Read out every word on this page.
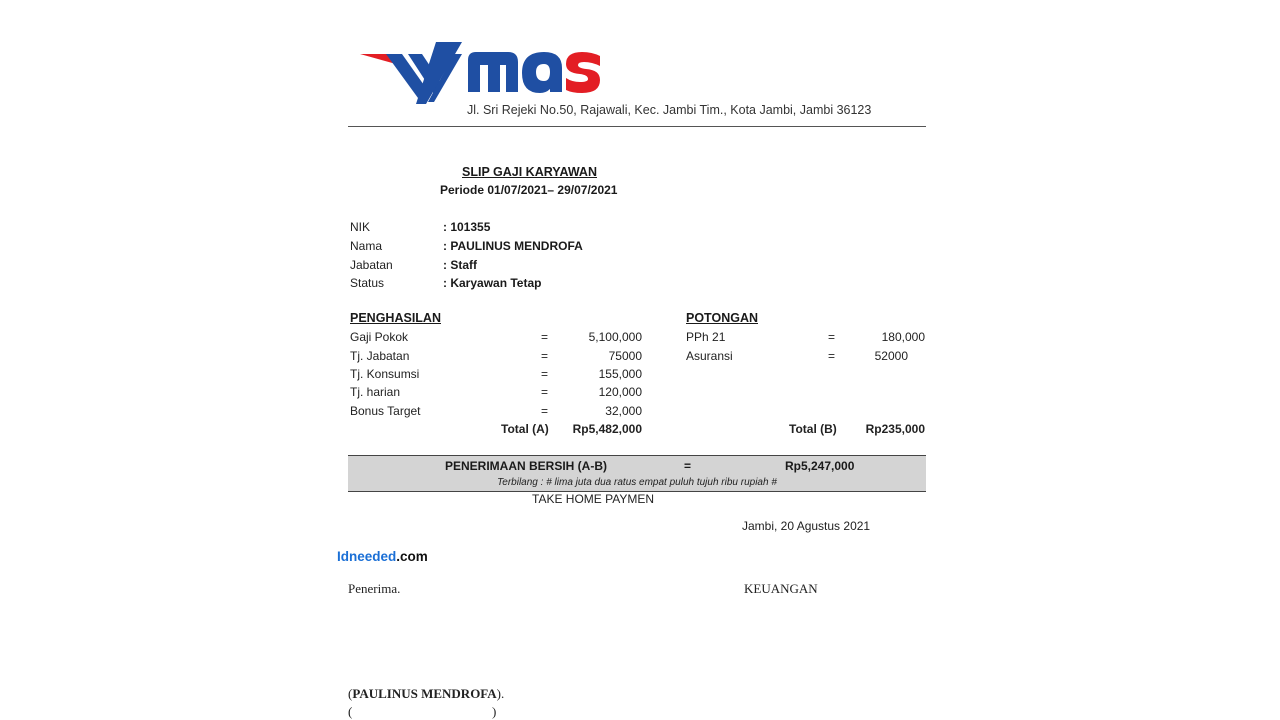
Jl. Sri Rejeki No.50, Rajawali, Kec. Jambi Tim., Kota Jambi, Jambi 36123
SLIP GAJI KARYAWAN
Periode 01/07/2021– 29/07/2021
NIK	: 101355
Nama	: PAULINUS MENDROFA
Jabatan	: Staff
Status	: Karyawan Tetap
PENGHASILAN
Gaji Pokok	=	5,100,000
Tj. Jabatan	=	75000
Tj. Konsumsi	=	155,000
Tj. harian	=	120,000
Bonus Target	=	32,000
Total (A) Rp5,482,000
POTONGAN
PPh 21	=	180,000
Asuransi	=	52000
Total (B) Rp235,000
PENERIMAAN BERSIH (A-B)	=	Rp5,247,000
Terbilang : # lima juta dua ratus empat puluh tujuh ribu rupiah #
TAKE HOME PAYMEN
Jambi, 20 Agustus 2021
Idneeded.com
Penerima.	KEUANGAN
(PAULINUS MENDROFA).
(	)
